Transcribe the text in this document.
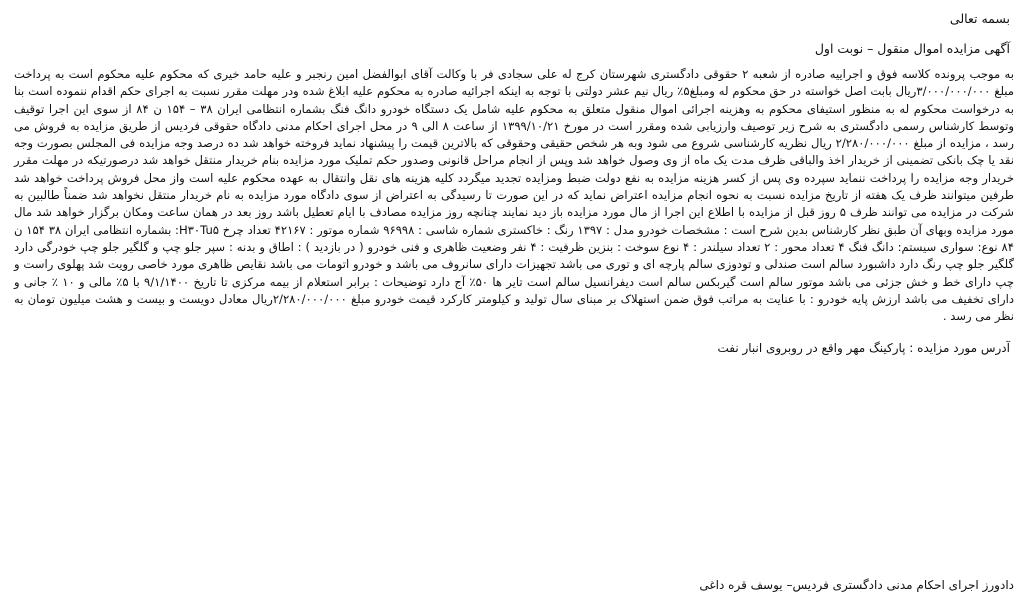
بسمه تعالی
آگهی مزایده اموال منقول – نوبت اول

به موجب پرونده کلاسه فوق و اجراییه صادره از شعبه ۲ حقوقی دادگستری شهرستان کرج له علی سجادی فر با وکالت آقای ابوالفضل امین رنجبر و علیه حامد خیری که محکوم علیه محکوم است به پرداخت مبلغ ۳/۰۰۰/۰۰۰/۰۰۰ریال بابت اصل خواسته در حق محکوم له ومبلغ۵٪ ریال نیم عشر دولتی با توجه به اینکه اجرائیه صادره به محکوم علیه ابلاغ شده ودر مهلت مقرر نسبت به اجرای حکم اقدام ننموده است بنا به درخواست محکوم له به منظور استیفای محکوم به وهزینه اجرائی اموال منقول متعلق به محکوم علیه شامل یک دستگاه خودرو دانگ فنگ بشماره انتظامی ایران ۳۸ – ۱۵۴ ن ۸۴ از سوی این اجرا توقیف وتوسط کارشناس رسمی دادگستری به شرح زیر توصیف وارزیابی شده ومقرر است در مورخ ۱۳۹۹/۱۰/۲۱ از ساعت ۸ الی ۹ در محل اجرای احکام مدنی دادگاه حقوقی فردیس از طریق مزایده به فروش می رسد ، مزایده از مبلغ ۲/۲۸۰/۰۰۰/۰۰۰ ریال نظریه کارشناسی شروع می شود وبه هر شخص حقیقی وحقوقی که بالاترین قیمت را پیشنهاد نماید فروخته خواهد شد ده درصد وجه مزایده فی المجلس بصورت وجه نقد یا چک بانکی تضمینی از خریدار اخذ والباقی ظرف مدت یک ماه از وی وصول خواهد شد وپس از انجام مراحل قانونی وصدور حکم تملیک مورد مزایده بنام خریدار منتقل خواهد شد درصورتیکه در مهلت مقرر خریدار وجه مزایده را پرداخت ننماید سپرده وی پس از کسر هزینه مزایده به نفع دولت ضبط ومزایده تجدید میگردد کلیه هزینه های نقل وانتقال به عهده محکوم علیه است واز محل فروش پرداخت خواهد شد طرفین میتوانند ظرف یک هفته از تاریخ مزایده نسبت به نحوه انجام مزایده اعتراض نماید که در این صورت تا رسیدگی به اعتراض از سوی دادگاه مورد مزایده به نام خریدار منتقل نخواهد شد ضمناً طالبین به شرکت در مزایده می توانند ظرف ۵ روز قبل از مزایده با اطلاع این اجرا از مال مورد مزایده باز دید نمایند چنانچه روز مزایده مصادف با ایام تعطیل باشد روز بعد در همان ساعت ومکان برگزار خواهد شد مال مورد مزایده وبهای آن طبق نظر کارشناس بدین شرح است : مشخصات خودرو مدل : ۱۳۹۷ رنگ : خاکستری شماره شاسی : ۹۶۹۹۸ شماره موتور : ۴۲۱۶۷ تعداد چرخ H۳۰Tu۵: بشماره انتظامی ایران ۳۸ ۱۵۴ ن ۸۴ نوع: سواری سیستم: دانگ فنگ ۴ تعداد محور : ۲ تعداد سیلندر : ۴ نوع سوخت : بنزین ظرفیت : ۴ نفر وضعیت ظاهری و فنی خودرو ( در بازدید ) : اطاق و بدنه : سپر جلو چپ و گلگیر جلو چپ خودرگی دارد گلگیر جلو چپ رنگ دارد داشبورد سالم است صندلی و تودوزی سالم پارچه ای و توری می باشد تجهیزات دارای سانروف می باشد و خودرو اتومات می باشد نقایص ظاهری مورد خاصی رویت شد پهلوی راست و چپ دارای خط و خش جزئی می باشد موتور سالم است گیربکس سالم است دیفرانسیل سالم است تایر ها ۵۰٪ آج دارد توضیحات : برابر استعلام از بیمه مرکزی تا تاریخ ۹/۱/۱۴۰۰ با ۵٪ مالی و ۱۰ ٪ جانی و دارای تخفیف می باشد ارزش پایه خودرو : با عنایت به مراتب فوق ضمن استهلاک بر مبنای سال تولید و کیلومتر کارکرد قیمت خودرو مبلغ ۲/۲۸۰/۰۰۰/۰۰۰ریال معادل دویست و بیست و هشت میلیون تومان به نظر می رسد .

آدرس مورد مزایده : پارکینگ مهر واقع در روبروی انبار نفت
دادورز اجرای احکام مدنی دادگستری فردیس– یوسف قره داغی
